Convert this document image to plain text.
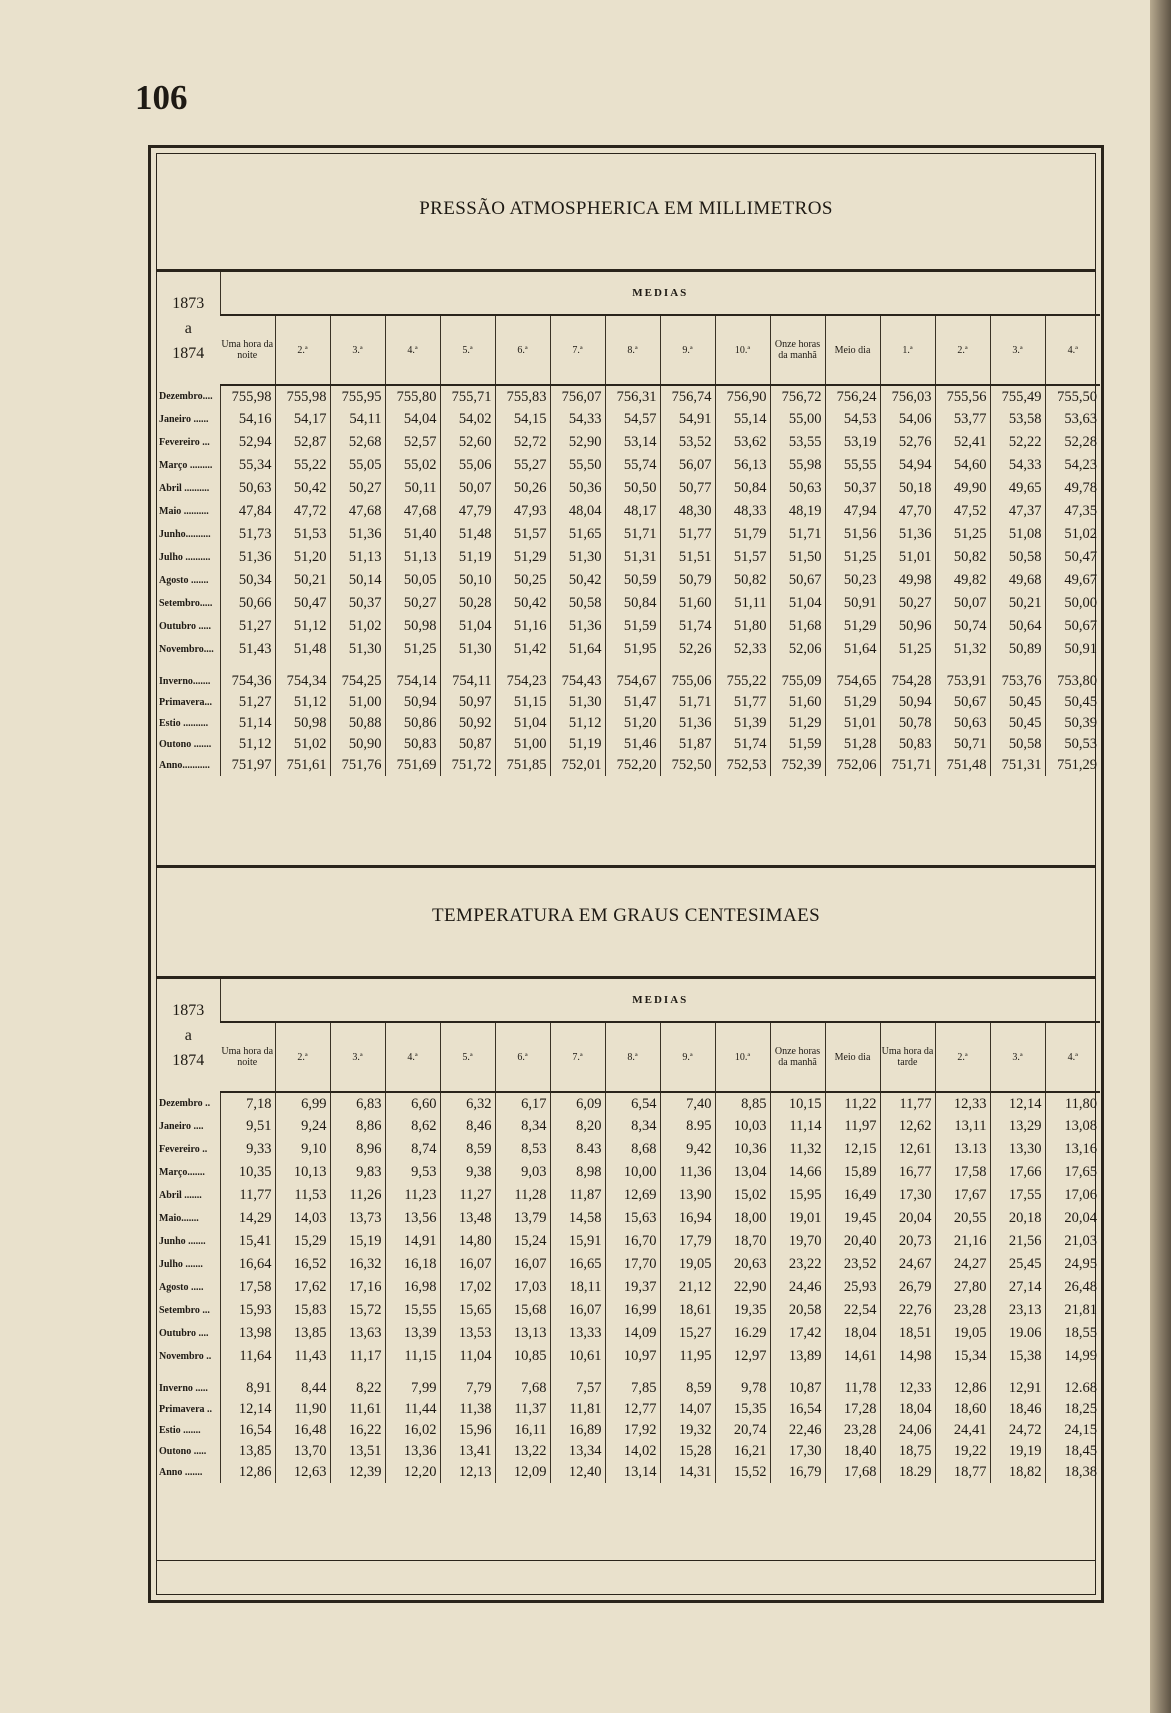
106

PRESSÃO ATMOSPHERICA EM MILLIMETROS
1873
a
1874	MEDIAS															
	Uma hora da noite	2.ª	3.ª	4.ª	5.ª	6.ª	7.ª	8.ª	9.ª	10.ª	Onze horas da manhã	Meio dia	1.ª	2.ª	3.ª	4.ª
Dezembro....	755,98	755,98	755,95	755,80	755,71	755,83	756,07	756,31	756,74	756,90	756,72	756,24	756,03	755,56	755,49	755,50
Janeiro ......	54,16	54,17	54,11	54,04	54,02	54,15	54,33	54,57	54,91	55,14	55,00	54,53	54,06	53,77	53,58	53,63
Fevereiro ...	52,94	52,87	52,68	52,57	52,60	52,72	52,90	53,14	53,52	53,62	53,55	53,19	52,76	52,41	52,22	52,28
Março .........	55,34	55,22	55,05	55,02	55,06	55,27	55,50	55,74	56,07	56,13	55,98	55,55	54,94	54,60	54,33	54,23
Abril ..........	50,63	50,42	50,27	50,11	50,07	50,26	50,36	50,50	50,77	50,84	50,63	50,37	50,18	49,90	49,65	49,78
Maio ..........	47,84	47,72	47,68	47,68	47,79	47,93	48,04	48,17	48,30	48,33	48,19	47,94	47,70	47,52	47,37	47,35
Junho..........	51,73	51,53	51,36	51,40	51,48	51,57	51,65	51,71	51,77	51,79	51,71	51,56	51,36	51,25	51,08	51,02
Julho ..........	51,36	51,20	51,13	51,13	51,19	51,29	51,30	51,31	51,51	51,57	51,50	51,25	51,01	50,82	50,58	50,47
Agosto .......	50,34	50,21	50,14	50,05	50,10	50,25	50,42	50,59	50,79	50,82	50,67	50,23	49,98	49,82	49,68	49,67
Setembro.....	50,66	50,47	50,37	50,27	50,28	50,42	50,58	50,84	51,60	51,11	51,04	50,91	50,27	50,07	50,21	50,00
Outubro .....	51,27	51,12	51,02	50,98	51,04	51,16	51,36	51,59	51,74	51,80	51,68	51,29	50,96	50,74	50,64	50,67
Novembro....	51,43	51,48	51,30	51,25	51,30	51,42	51,64	51,95	52,26	52,33	52,06	51,64	51,25	51,32	50,89	50,91

Inverno.......	754,36	754,34	754,25	754,14	754,11	754,23	754,43	754,67	755,06	755,22	755,09	754,65	754,28	753,91	753,76	753,80
Primavera...	51,27	51,12	51,00	50,94	50,97	51,15	51,30	51,47	51,71	51,77	51,60	51,29	50,94	50,67	50,45	50,45
Estio ..........	51,14	50,98	50,88	50,86	50,92	51,04	51,12	51,20	51,36	51,39	51,29	51,01	50,78	50,63	50,45	50,39
Outono .......	51,12	51,02	50,90	50,83	50,87	51,00	51,19	51,46	51,87	51,74	51,59	51,28	50,83	50,71	50,58	50,53
Anno...........	751,97	751,61	751,76	751,69	751,72	751,85	752,01	752,20	752,50	752,53	752,39	752,06	751,71	751,48	751,31	751,29
TEMPERATURA EM GRAUS CENTESIMAES
1873
a
1874	MEDIAS															
	Uma hora da noite	2.ª	3.ª	4.ª	5.ª	6.ª	7.ª	8.ª	9.ª	10.ª	Onze horas da manhã	Meio dia	Uma hora da tarde	2.ª	3.ª	4.ª
Dezembro ..	7,18	6,99	6,83	6,60	6,32	6,17	6,09	6,54	7,40	8,85	10,15	11,22	11,77	12,33	12,14	11,80
Janeiro ....	9,51	9,24	8,86	8,62	8,46	8,34	8,20	8,34	8.95	10,03	11,14	11,97	12,62	13,11	13,29	13,08
Fevereiro ..	9,33	9,10	8,96	8,74	8,59	8,53	8.43	8,68	9,42	10,36	11,32	12,15	12,61	13.13	13,30	13,16
Março.......	10,35	10,13	9,83	9,53	9,38	9,03	8,98	10,00	11,36	13,04	14,66	15,89	16,77	17,58	17,66	17,65
Abril .......	11,77	11,53	11,26	11,23	11,27	11,28	11,87	12,69	13,90	15,02	15,95	16,49	17,30	17,67	17,55	17,06
Maio.......	14,29	14,03	13,73	13,56	13,48	13,79	14,58	15,63	16,94	18,00	19,01	19,45	20,04	20,55	20,18	20,04
Junho .......	15,41	15,29	15,19	14,91	14,80	15,24	15,91	16,70	17,79	18,70	19,70	20,40	20,73	21,16	21,56	21,03
Julho .......	16,64	16,52	16,32	16,18	16,07	16,07	16,65	17,70	19,05	20,63	23,22	23,52	24,67	24,27	25,45	24,95
Agosto .....	17,58	17,62	17,16	16,98	17,02	17,03	18,11	19,37	21,12	22,90	24,46	25,93	26,79	27,80	27,14	26,48
Setembro ...	15,93	15,83	15,72	15,55	15,65	15,68	16,07	16,99	18,61	19,35	20,58	22,54	22,76	23,28	23,13	21,81
Outubro ....	13,98	13,85	13,63	13,39	13,53	13,13	13,33	14,09	15,27	16.29	17,42	18,04	18,51	19,05	19.06	18,55
Novembro ..	11,64	11,43	11,17	11,15	11,04	10,85	10,61	10,97	11,95	12,97	13,89	14,61	14,98	15,34	15,38	14,99

Inverno .....	8,91	8,44	8,22	7,99	7,79	7,68	7,57	7,85	8,59	9,78	10,87	11,78	12,33	12,86	12,91	12.68
Primavera ..	12,14	11,90	11,61	11,44	11,38	11,37	11,81	12,77	14,07	15,35	16,54	17,28	18,04	18,60	18,46	18,25
Estio .......	16,54	16,48	16,22	16,02	15,96	16,11	16,89	17,92	19,32	20,74	22,46	23,28	24,06	24,41	24,72	24,15
Outono .....	13,85	13,70	13,51	13,36	13,41	13,22	13,34	14,02	15,28	16,21	17,30	18,40	18,75	19,22	19,19	18,45
Anno .......	12,86	12,63	12,39	12,20	12,13	12,09	12,40	13,14	14,31	15,52	16,79	17,68	18.29	18,77	18,82	18,38
